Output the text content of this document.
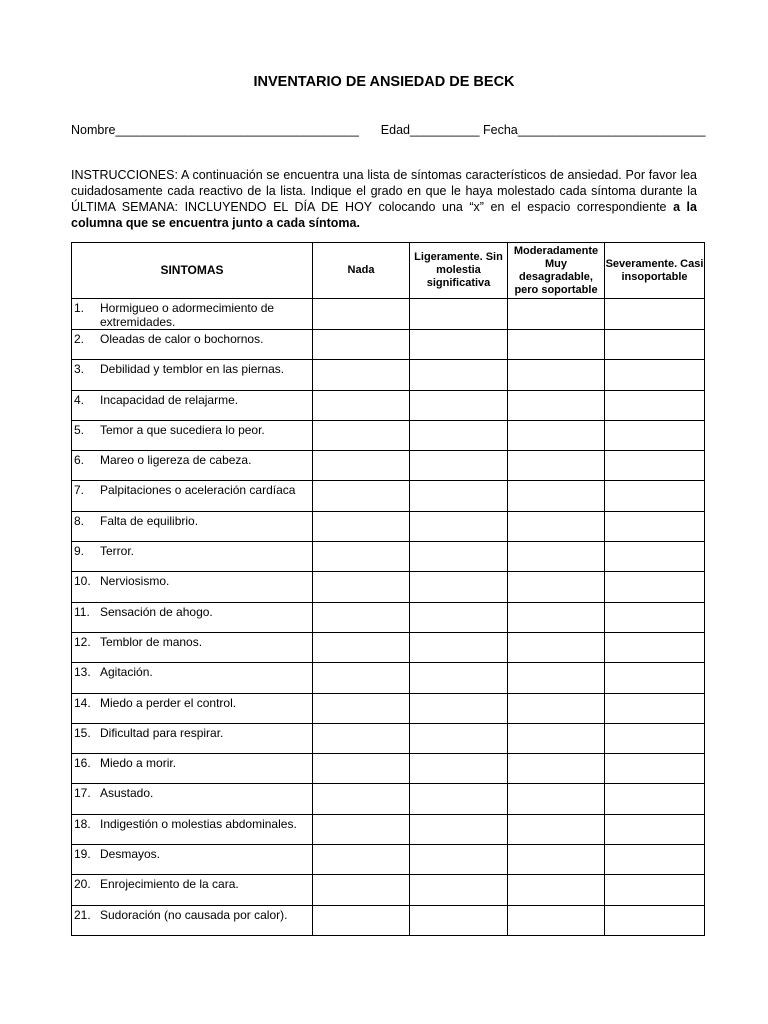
INVENTARIO DE ANSIEDAD DE BECK
Nombre___________________________________ Edad__________ Fecha___________________________
INSTRUCCIONES: A continuación se encuentra una lista de síntomas característicos de ansiedad. Por favor lea cuidadosamente cada reactivo de la lista. Indique el grado en que le haya molestado cada síntoma durante la ÚLTIMA SEMANA: INCLUYENDO EL DÍA DE HOY colocando una “x” en el espacio correspondiente a la columna que se encuentra junto a cada síntoma.
SINTOMAS	Nada	Ligeramente. Sin molestia significativa	Moderadamente Muy desagradable, pero soportable	Severamente. Casi insoportable

1. Hormigueo o adormecimiento de extremidades.				

2. Oleadas de calor o bochornos.				

3. Debilidad y temblor en las piernas.				

4. Incapacidad de relajarme.				

5. Temor a que sucediera lo peor.				

6. Mareo o ligereza de cabeza.				

7. Palpitaciones o aceleración cardíaca				

8. Falta de equilibrio.				

9. Terror.				

10. Nerviosismo.				

11. Sensación de ahogo.				

12. Temblor de manos.				

13. Agitación.				

14. Miedo a perder el control.				

15. Dificultad para respirar.				

16. Miedo a morir.				

17. Asustado.				

18. Indigestión o molestias abdominales.				

19. Desmayos.				

20. Enrojecimiento de la cara.				

21. Sudoración (no causada por calor).				
